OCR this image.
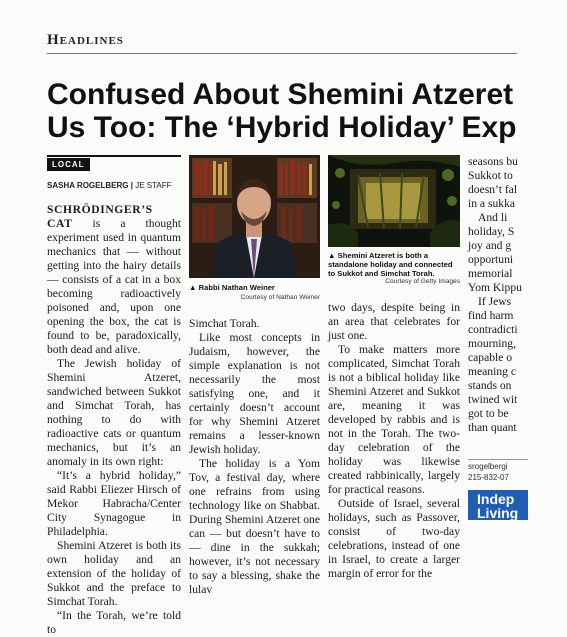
Headlines
Confused About Shemini Atzeret
Us Too: The ‘Hybrid Holiday’ Exp
LOCAL
SASHA ROGELBERG | JE STAFF

SCHRÖDINGER’S CAT is a thought experiment used in quantum mechanics that — without getting into the hairy details — consists of a cat in a box becoming radioactively poisoned and, upon one opening the box, the cat is found to be, paradoxically, both dead and alive.

The Jewish holiday of Shemini Atzeret, sandwiched between Sukkot and Simchat Torah, has nothing to do with radioactive cats or quantum mechanics, but it’s an anomaly in its own right:

“It’s a hybrid holiday,” said Rabbi Eliezer Hirsch of Mekor Habracha/Center City Synagogue in Philadelphia.

Shemini Atzeret is both its own holiday and an extension of the holiday of Sukkot and the preface to Simchat Torah.

“In the Torah, we’re told to

▲ Rabbi Nathan Weiner
Courtesy of Nathan Weiner
▲ Shemini Atzeret is both a standalone holiday and connected to Sukkot and Simchat Torah.
Courtesy of Getty Images

Simchat Torah.

Like most concepts in Judaism, however, the simple explanation is not necessarily the most satisfying one, and it certainly doesn’t account for why Shemini Atzeret remains a lesser-known Jewish holiday.

The holiday is a Yom Tov, a festival day, where one refrains from using technology like on Shabbat. During Shemini Atzeret one can — but doesn’t have to — dine in the sukkah; however, it’s not necessary to say a blessing, shake the lulav

two days, despite being in an area that celebrates for just one.

To make matters more complicated, Simchat Torah is not a biblical holiday like Shemini Atzeret and Sukkot are, meaning it was developed by rabbis and is not in the Torah. The two-day celebration of the holiday was likewise created rabbinically, largely for practical reasons.

Outside of Israel, several holidays, such as Passover, consist of two-day celebrations, instead of one in Israel, to create a larger margin of error for the

seasons bu
Sukkot to
doesn’t fal
in a sukka
And li
holiday, S
joy and g
opportuni
memorial
Yom Kippu
If Jews
find harm
contradicti
mourning,
capable o
meaning c
stands on
twined wit
got to be
than quant
srogelbergi
215-832-07
Indep
Living
